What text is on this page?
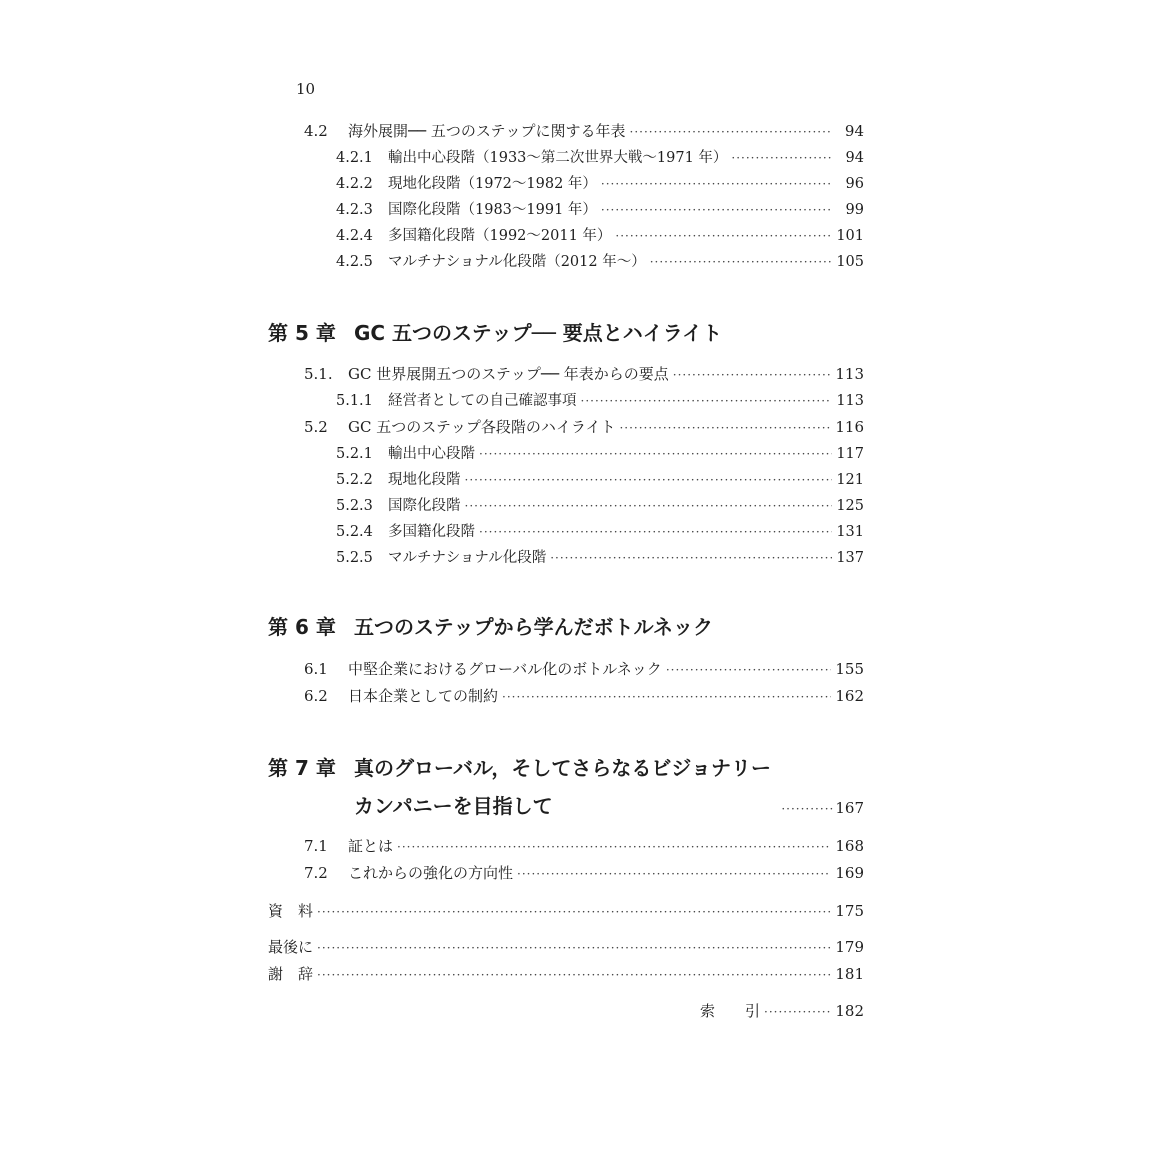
10
4.2	海外展開── 五つのステップに関する年表 ·····	94
4.2.1	輸出中心段階（1933～第二次世界大戦～1971 年） ·····	94
4.2.2	現地化段階（1972～1982 年） ·····	96
4.2.3	国際化段階（1983～1991 年） ·····	99
4.2.4	多国籍化段階（1992～2011 年） ·····	101
4.2.5	マルチナショナル化段階（2012 年～） ·····	105
第 5 章 GC 五つのステップ── 要点とハイライト
5.1.	GC 世界展開五つのステップ── 年表からの要点 ·····	113
5.1.1	経営者としての自己確認事項 ·····	113
5.2	GC 五つのステップ各段階のハイライト ·····	116
5.2.1	輸出中心段階 ·····	117
5.2.2	現地化段階 ·····	121
5.2.3	国際化段階 ·····	125
5.2.4	多国籍化段階 ·····	131
5.2.5	マルチナショナル化段階 ·····	137
第 6 章 五つのステップから学んだボトルネック
6.1	中堅企業におけるグローバル化のボトルネック ·····	155
6.2	日本企業としての制約 ·····	162
第 7 章 真のグローバル，そしてさらなるビジョナリー
カンパニーを目指して ·····	167
7.1	証とは ·····	168
7.2	これからの強化の方向性 ·····	169
資　料 ·····	175
最後に ·····	179
謝　辞 ·····	181
索　　引 ·····	182
